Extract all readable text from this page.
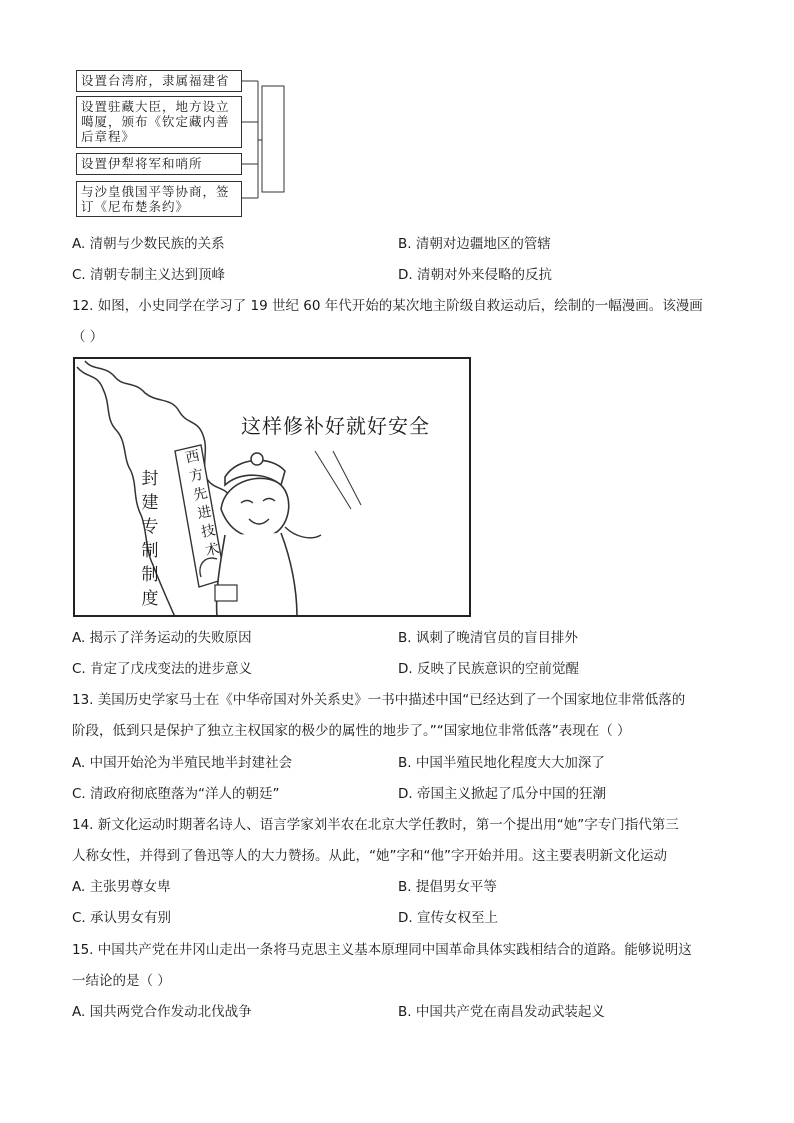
设置台湾府，隶属福建省
设置驻藏大臣，地方设立噶厦，颁布《钦定藏内善后章程》
设置伊犁将军和哨所
与沙皇俄国平等协商，签订《尼布楚条约》
A. 清朝与少数民族的关系	B. 清朝对边疆地区的管辖
C. 清朝专制主义达到顶峰	D. 清朝对外来侵略的反抗
12. 如图，小史同学在学习了 19 世纪 60 年代开始的某次地主阶级自救运动后，绘制的一幅漫画。该漫画
（ ）
这样修补好就好安全
封
建
专
制
制
度
西
方
先
进
技
术
A. 揭示了洋务运动的失败原因	B. 讽刺了晚清官员的盲目排外
C. 肯定了戊戌变法的进步意义	D. 反映了民族意识的空前觉醒
13. 美国历史学家马士在《中华帝国对外关系史》一书中描述中国“已经达到了一个国家地位非常低落的
阶段，低到只是保护了独立主权国家的极少的属性的地步了。”“国家地位非常低落”表现在（ ）
A. 中国开始沦为半殖民地半封建社会	B. 中国半殖民地化程度大大加深了
C. 清政府彻底堕落为“洋人的朝廷”	D. 帝国主义掀起了瓜分中国的狂潮
14. 新文化运动时期著名诗人、语言学家刘半农在北京大学任教时，第一个提出用“她”字专门指代第三
人称女性，并得到了鲁迅等人的大力赞扬。从此，“她”字和“他”字开始并用。这主要表明新文化运动
A. 主张男尊女卑	B. 提倡男女平等
C. 承认男女有别	D. 宣传女权至上
15. 中国共产党在井冈山走出一条将马克思主义基本原理同中国革命具体实践相结合的道路。能够说明这
一结论的是（ ）
A. 国共两党合作发动北伐战争	B. 中国共产党在南昌发动武装起义
